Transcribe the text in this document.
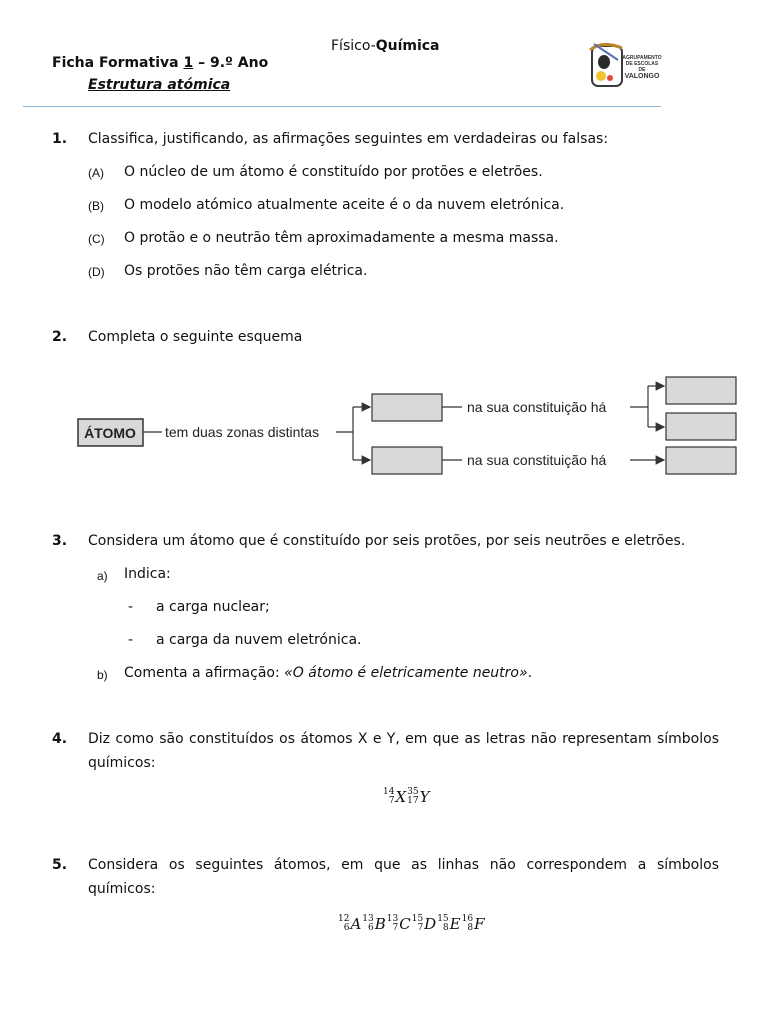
Físico-Química
Ficha Formativa 1 – 9.º Ano
Estrutura atómica
AGRUPAMENTO
DE ESCOLAS DE
VALONGO
1. Classifica, justificando, as afirmações seguintes em verdadeiras ou falsas:
(A) O núcleo de um átomo é constituído por protões e eletrões.
(B) O modelo atómico atualmente aceite é o da nuvem eletrónica.
(C) O protão e o neutrão têm aproximadamente a mesma massa.
(D) Os protões não têm carga elétrica.
2. Completa o seguinte esquema
ÁTOMO tem duas zonas distintas
na sua constituição há
na sua constituição há
3. Considera um átomo que é constituído por seis protões, por seis neutrões e eletrões.
a) Indica:
- a carga nuclear;
- a carga da nuvem eletrónica.
b) Comenta a afirmação: «O átomo é eletricamente neutro».
4. Diz como são constituídos os átomos X e Y, em que as letras não representam símbolos
químicos:
14
7 X 35
17 Y
5. Considera os seguintes átomos, em que as linhas não correspondem a símbolos
químicos:
12
6 A 13
6 B 13
7 C 15
7 D 15
8 E 16
8 F
